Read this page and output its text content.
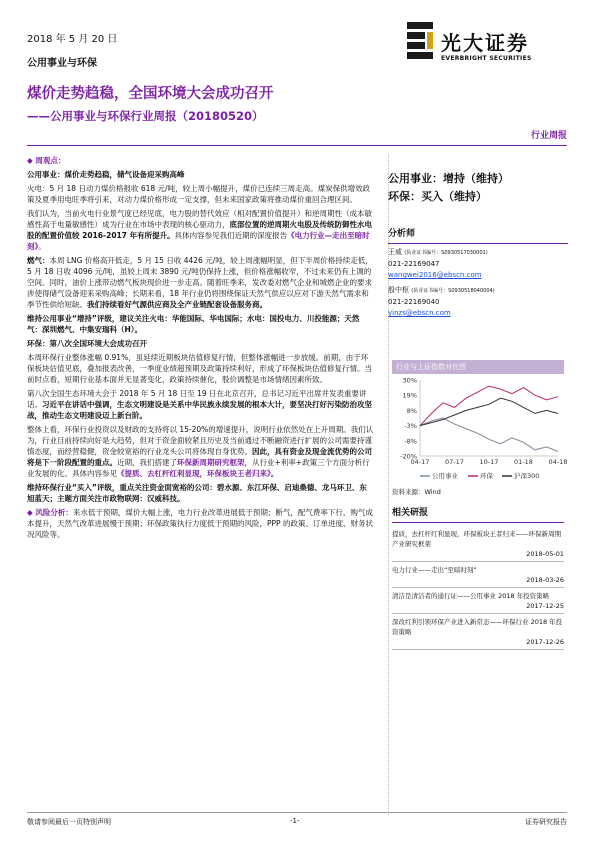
2018 年 5 月 20 日
公用事业与环保
光大证券
EVERBRIGHT SECURITIES
煤价走势趋稳，全国环境大会成功召开
——公用事业与环保行业周报（20180520）
行业周报

◆ 周观点：

公用事业：煤价走势趋稳，储气设备迎采购高峰

火电：5 月 18 日动力煤价格报收 618 元/吨，较上周小幅提升，煤价已连续三周走高。煤炭保供增效政策及夏季用电旺季将引来，对动力煤价格形成一定支撑，但未来国家政策将推动煤价重回合理区间。

我们认为，当前火电行业景气度已经见底，电力股的替代效应（相对配置价值提升）和逆周期性（成本敏感性高于电量敏感性）成为行业在市场中表现的核心驱动力，底部位置的逆周期火电股及传统防御性水电股的配置价值较 2016-2017 年有所提升。具体内容参见我们近期的深度报告《电力行业—走出至暗时刻》。

燃气：本周 LNG 价格高开低走，5 月 15 日收 4426 元/吨，较上周涨幅明显，但下半周价格持续走低，5 月 18 日收 4096 元/吨，虽较上周末 3890 元/吨仍保持上涨，但价格涨幅收窄，不过未来仍有上调的空间。同时，油价上涨带动燃气板块现价进一步走高。随着旺季来，发改委对燃气企业和城燃企业的要求涉使得储气设备迎来采购高峰；长期来看，18 年行业仍将围绕保证天然气供应以应对下游天然气需求和季节性供给短缺。我们持续看好气源供应商及全产业链配套设备服务商。

维持公用事业“增持”评级，建议关注火电：华能国际、华电国际；水电：国投电力、川投能源；天然气：深圳燃气、中集安瑞科（H）。

环保：第八次全国环境大会成功召开

本周环保行业整体涨幅 0.91%，虽延续近期板块估值修复行情，但整体涨幅进一步放缓。前期，由于环保板块估值见底，叠加报表改善，一季度业绩超预期及政策持续利好，形成了环保板块估值修复行情。当前时点看，短期行业基本面并无显著变化，政策持续催化，股价调整是市场情绪因素所致。

第八次全国生态环境大会于 2018 年 5 月 18 日至 19 日在北京召开，总书记习近平出席并发表重要讲话。习近平在讲话中强调，生态文明建设是关系中华民族永续发展的根本大计，要坚决打好污染防治攻坚战，推动生态文明建设迈上新台阶。

整体上看，环保行业投资以及财政的支持将以 15-20%的增速提升，说明行业依然处在上升周期。我们认为，行业目前持续向好是大趋势，但对于资金面较紧且历史及当前通过不断融资进行扩展的公司需要持谨慎态度，而经营稳健，资金较宽裕的行业龙头公司将体现自身优势。因此，具有资金及现金流优势的公司将是下一阶段配置的重点。近期，我们搭建了环保新周期研究框架，从行业+利率+政策三个方面分析行业发展的化。具体内容参见《提质、去杠杆红利显现，环保板块王者归来》。

维持环保行业“买入”评级，重点关注资金面宽裕的公司：碧水源、东江环保、启迪桑德、龙马环卫、东旭蓝天；主题方面关注市政物联网：汉威科技。

◆ 风险分析：来水低于预期，煤价大幅上涨，电力行业改革进展低于预期；断气，配气费率下行，购气成本提升，天然气改革进展慢于预期；环保政策执行力度低于预期的风险，PPP 的政策、订单进度、财务状况风险等。

公用事业：增持（维持）
环保：买入（维持）
分析师
王威 (执业证书编号：S0930517030001)
021-22169047
wangwei2016@ebscn.com
殷中枢 (执业证书编号：S0930518040004)
021-22169040
yinzs@ebscn.com
行业与上证指数对比图
30%
19%
8%
-3%
-8%
-20%
04-17 07-17 10-17 01-18 04-18
公用事业	环保	沪深300
资料来源：Wind
相关研报
提质，去杠杆红利显现，环保板块王者归来——环保新周期产业研究框架
2018-05-01
电力行业——走出“至暗时刻”
2018-03-26
清洁是清洁者的通行证——公用事业 2018 年投资策略
2017-12-25
深改红利引领环保产业进入新常态——环保行业 2018 年投资策略
2017-12-26
敬请参阅最后一页特别声明	-1-	证券研究报告
